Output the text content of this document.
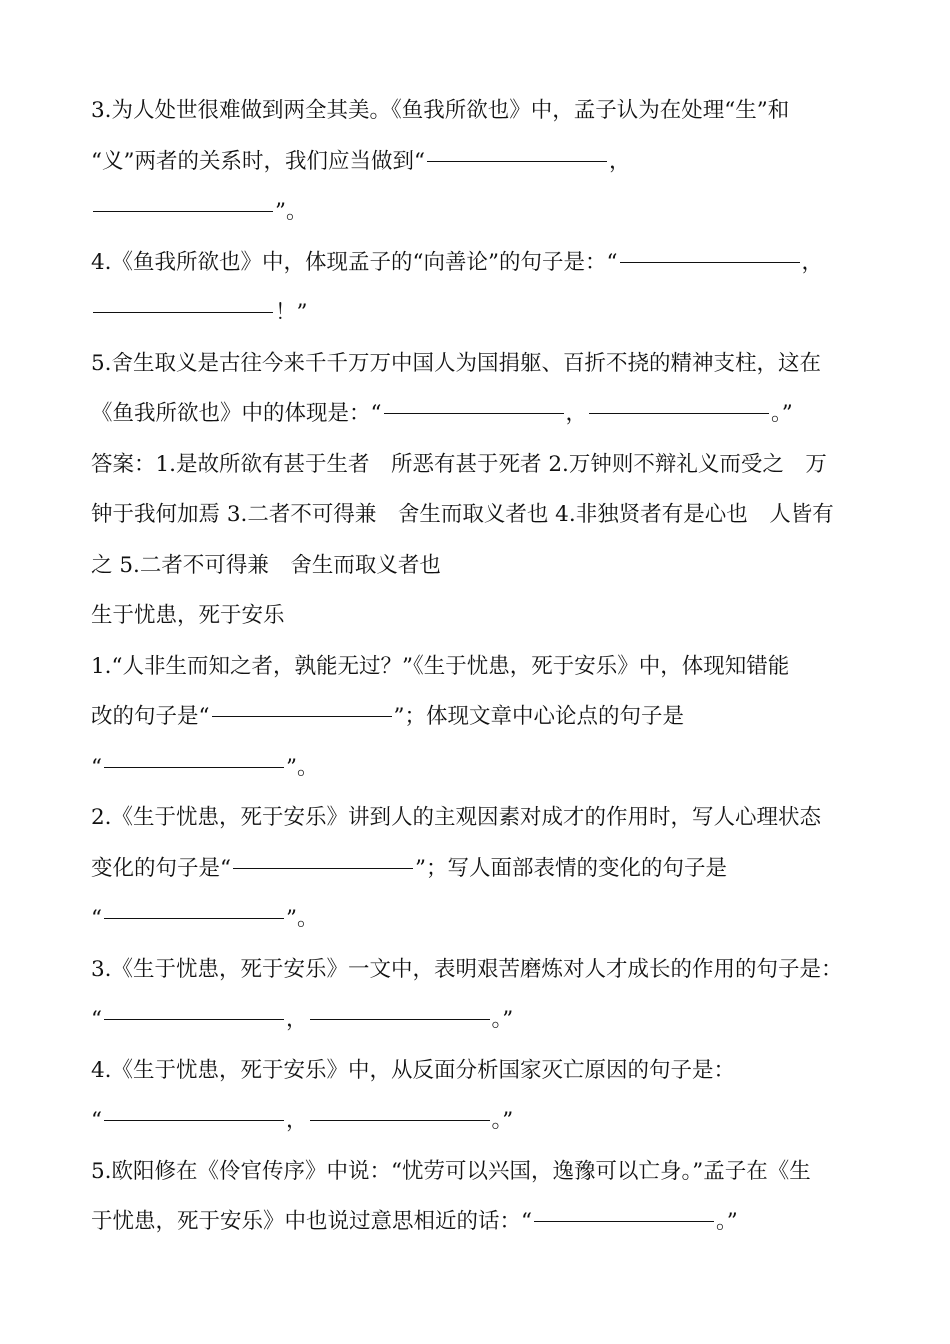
3.为人处世很难做到两全其美。《鱼我所欲也》中，孟子认为在处理“生”和
“义”两者的关系时，我们应当做到“	，
”。
4.《鱼我所欲也》中，体现孟子的“向善论”的句子是：“	，
！”
5.舍生取义是古往今来千千万万中国人为国捐躯、百折不挠的精神支柱，这在
《鱼我所欲也》中的体现是：“	，	。”
答案：1.是故所欲有甚于生者　所恶有甚于死者 2.万钟则不辩礼义而受之　万
钟于我何加焉 3.二者不可得兼　舍生而取义者也 4.非独贤者有是心也　人皆有
之 5.二者不可得兼　舍生而取义者也
生于忧患，死于安乐
1.“人非生而知之者，孰能无过？”《生于忧患，死于安乐》中，体现知错能
改的句子是“	”；体现文章中心论点的句子是
“	”。
2.《生于忧患，死于安乐》讲到人的主观因素对成才的作用时，写人心理状态
变化的句子是“	”；写人面部表情的变化的句子是
“	”。
3.《生于忧患，死于安乐》一文中，表明艰苦磨炼对人才成长的作用的句子是：
“	，	。”
4.《生于忧患，死于安乐》中，从反面分析国家灭亡原因的句子是：
“	，	。”
5.欧阳修在《伶官传序》中说：“忧劳可以兴国，逸豫可以亡身。”孟子在《生
于忧患，死于安乐》中也说过意思相近的话：“	。”
